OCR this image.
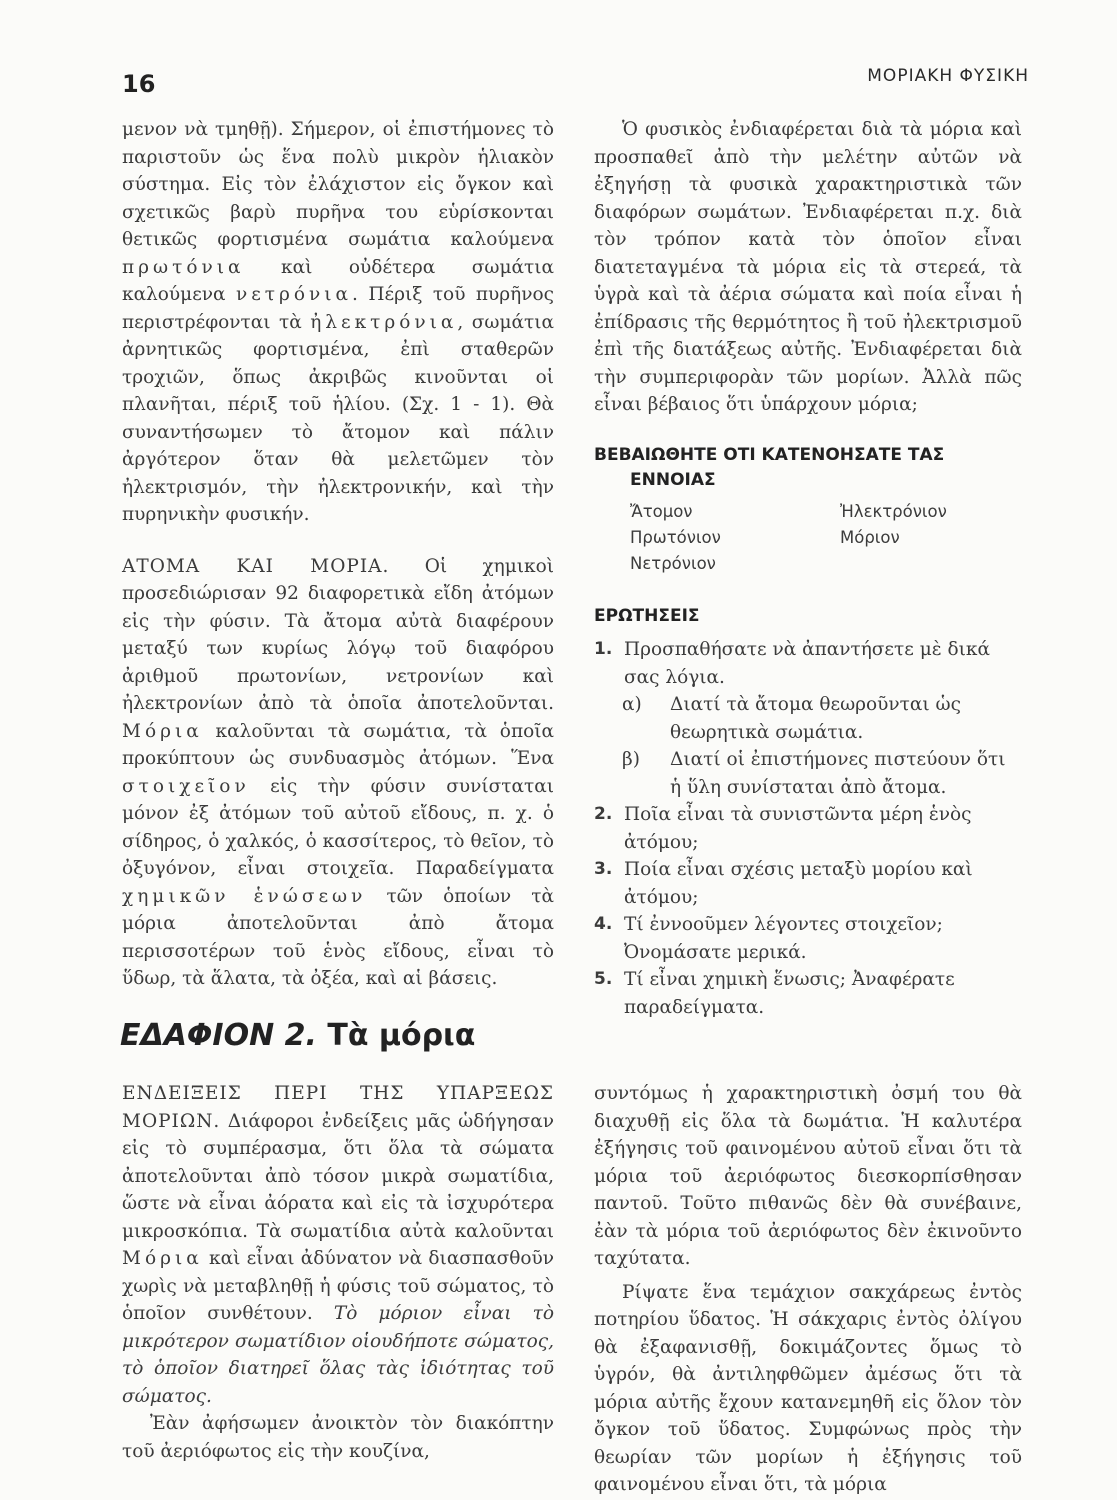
16	ΜΟΡΙΑΚΗ ΦΥΣΙΚΗ

μενον νὰ τμηθῇ). Σήμερον, οἱ ἐπιστήμονες τὸ παριστοῦν ὡς ἕνα πολὺ μικρὸν ἡλιακὸν σύστημα. Εἰς τὸν ἐλάχιστον εἰς ὄγκον καὶ σχετικῶς βαρὺ πυρῆνα του εὑρίσκονται θετικῶς φορτισμένα σωμάτια καλούμενα πρωτόνια καὶ οὐδέτερα σωμάτια καλούμενα νετρόνια. Πέριξ τοῦ πυρῆνος περιστρέφονται τὰ ἠλεκτρόνια, σωμάτια ἀρνητικῶς φορτισμένα, ἐπὶ σταθερῶν τροχιῶν, ὅπως ἀκριβῶς κινοῦνται οἱ πλανῆται, πέριξ τοῦ ἡλίου. (Σχ. 1 - 1). Θὰ συναντήσωμεν τὸ ἄτομον καὶ πάλιν ἀργότερον ὅταν θὰ μελετῶμεν τὸν ἠλεκτρισμόν, τὴν ἠλεκτρονικήν, καὶ τὴν πυρηνικὴν φυσικήν.

ΑΤΟΜΑ ΚΑΙ ΜΟΡΙΑ. Οἱ χημικοὶ προσεδιώρισαν 92 διαφορετικὰ εἴδη ἀτόμων εἰς τὴν φύσιν. Τὰ ἄτομα αὐτὰ διαφέρουν μεταξύ των κυρίως λόγῳ τοῦ διαφόρου ἀριθμοῦ πρωτονίων, νετρονίων καὶ ἠλεκτρονίων ἀπὸ τὰ ὁποῖα ἀποτελοῦνται. Μόρια καλοῦνται τὰ σωμάτια, τὰ ὁποῖα προκύπτουν ὡς συνδυασμὸς ἀτόμων. Ἕνα στοιχεῖον εἰς τὴν φύσιν συνίσταται μόνον ἐξ ἀτόμων τοῦ αὐτοῦ εἴδους, π. χ. ὁ σίδηρος, ὁ χαλκός, ὁ κασσίτερος, τὸ θεῖον, τὸ ὀξυγόνον, εἶναι στοιχεῖα. Παραδείγματα χημικῶν ἑνώσεων τῶν ὁποίων τὰ μόρια ἀποτελοῦνται ἀπὸ ἄτομα περισσοτέρων τοῦ ἑνὸς εἴδους, εἶναι τὸ ὕδωρ, τὰ ἅλατα, τὰ ὀξέα, καὶ αἱ βάσεις.

Ὁ φυσικὸς ἐνδιαφέρεται διὰ τὰ μόρια καὶ προσπαθεῖ ἀπὸ τὴν μελέτην αὐτῶν νὰ ἐξηγήσῃ τὰ φυσικὰ χαρακτηριστικὰ τῶν διαφόρων σωμάτων. Ἐνδιαφέρεται π.χ. διὰ τὸν τρόπον κατὰ τὸν ὁποῖον εἶναι διατεταγμένα τὰ μόρια εἰς τὰ στερεά, τὰ ὑγρὰ καὶ τὰ ἀέρια σώματα καὶ ποία εἶναι ἡ ἐπίδρασις τῆς θερμότητος ἢ τοῦ ἠλεκτρισμοῦ ἐπὶ τῆς διατάξεως αὐτῆς. Ἐνδιαφέρεται διὰ τὴν συμπεριφορὰν τῶν μορίων. Ἀλλὰ πῶς εἶναι βέβαιος ὅτι ὑπάρχουν μόρια;

ΒΕΒΑΙΩΘΗΤΕ ΟΤΙ ΚΑΤΕΝΟΗΣΑΤΕ ΤΑΣ
ΕΝΝΟΙΑΣ
Ἄτομον	Ἠλεκτρόνιον
Πρωτόνιον	Μόριον
Νετρόνιον
ΕΡΩΤΗΣΕΙΣ
1. Προσπαθήσατε νὰ ἀπαντήσετε μὲ δικά σας λόγια.
α)	Διατί τὰ ἄτομα θεωροῦνται ὡς θεωρητικὰ σωμάτια.
β)	Διατί οἱ ἐπιστήμονες πιστεύουν ὅτι ἡ ὕλη συνίσταται ἀπὸ ἄτομα.
2. Ποῖα εἶναι τὰ συνιστῶντα μέρη ἑνὸς ἀτόμου;
3. Ποία εἶναι σχέσις μεταξὺ μορίου καὶ ἀτόμου;
4. Τί ἐννοοῦμεν λέγοντες στοιχεῖον; Ὀνομάσατε μερικά.
5. Τί εἶναι χημικὴ ἕνωσις; Ἀναφέρατε παραδείγματα.
ΕΔΑΦΙΟΝ 2. Τὰ μόρια

ΕΝΔΕΙΞΕΙΣ ΠΕΡΙ ΤΗΣ ΥΠΑΡΞΕΩΣ ΜΟΡΙΩΝ. Διάφοροι ἐνδείξεις μᾶς ὡδήγησαν εἰς τὸ συμπέρασμα, ὅτι ὅλα τὰ σώματα ἀποτελοῦνται ἀπὸ τόσον μικρὰ σωματίδια, ὥστε νὰ εἶναι ἀόρατα καὶ εἰς τὰ ἰσχυρότερα μικροσκόπια. Τὰ σωματίδια αὐτὰ καλοῦνται Μόρια καὶ εἶναι ἀδύνατον νὰ διασπασθοῦν χωρὶς νὰ μεταβληθῇ ἡ φύσις τοῦ σώματος, τὸ ὁποῖον συνθέτουν. Τὸ μόριον εἶναι τὸ μικρότερον σωματίδιον οἱουδήποτε σώματος, τὸ ὁποῖον διατηρεῖ ὅλας τὰς ἰδιότητας τοῦ σώματος.

Ἐὰν ἀφήσωμεν ἀνοικτὸν τὸν διακόπτην τοῦ ἀεριόφωτος εἰς τὴν κουζίνα,

συντόμως ἡ χαρακτηριστικὴ ὀσμή του θὰ διαχυθῇ εἰς ὅλα τὰ δωμάτια. Ἡ καλυτέρα ἐξήγησις τοῦ φαινομένου αὐτοῦ εἶναι ὅτι τὰ μόρια τοῦ ἀεριόφωτος διεσκορπίσθησαν παντοῦ. Τοῦτο πιθανῶς δὲν θὰ συνέβαινε, ἐὰν τὰ μόρια τοῦ ἀεριόφωτος δὲν ἐκινοῦντο ταχύτατα.

Ρίψατε ἕνα τεμάχιον σακχάρεως ἐντὸς ποτηρίου ὕδατος. Ἡ σάκχαρις ἐντὸς ὀλίγου θὰ ἐξαφανισθῇ, δοκιμάζοντες ὅμως τὸ ὑγρόν, θὰ ἀντιληφθῶμεν ἀμέσως ὅτι τὰ μόρια αὐτῆς ἔχουν κατανεμηθῆ εἰς ὅλον τὸν ὄγκον τοῦ ὕδατος. Συμφώνως πρὸς τὴν θεωρίαν τῶν μορίων ἡ ἐξήγησις τοῦ φαινομένου εἶναι ὅτι, τὰ μόρια
